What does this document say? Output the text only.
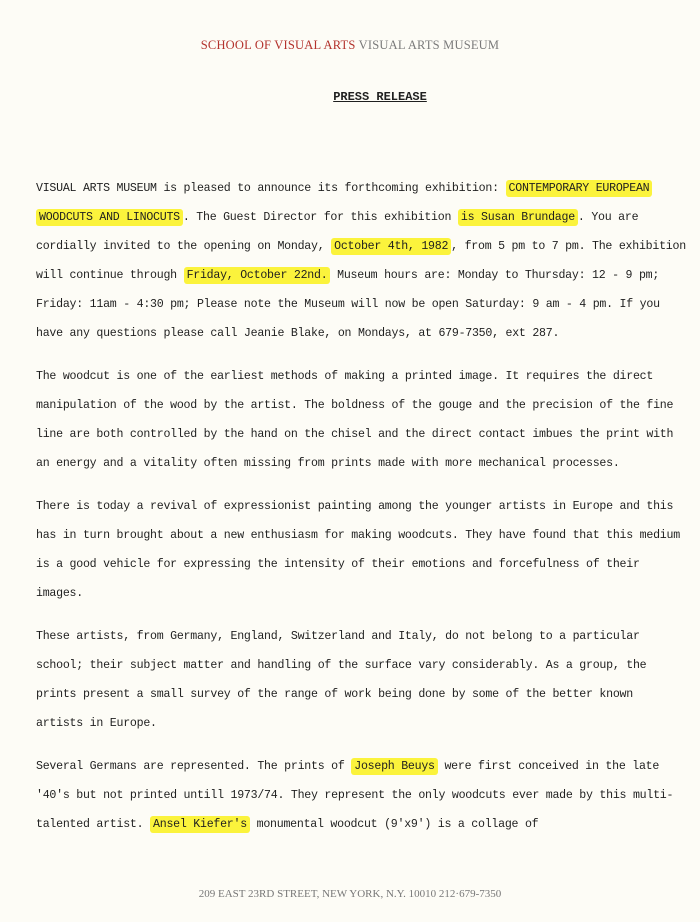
SCHOOL OF VISUAL ARTS VISUAL ARTS MUSEUM
PRESS RELEASE

VISUAL ARTS MUSEUM is pleased to announce its forthcoming exhibition: CONTEMPORARY EUROPEAN WOODCUTS AND LINOCUTS . The Guest Director for this exhibition is Susan Brundage . You are cordially invited to the opening on Monday, October 4th, 1982 , from 5 pm to 7 pm. The exhibition will continue through Friday, October 22nd. Museum hours are: Monday to Thursday: 12 - 9 pm; Friday: 11am - 4:30 pm; Please note the Museum will now be open Saturday: 9 am - 4 pm. If you have any questions please call Jeanie Blake, on Mondays, at 679-7350, ext 287.

The woodcut is one of the earliest methods of making a printed image. It requires the direct manipulation of the wood by the artist. The boldness of the gouge and the precision of the fine line are both controlled by the hand on the chisel and the direct contact imbues the print with an energy and a vitality often missing from prints made with more mechanical processes.

There is today a revival of expressionist painting among the younger artists in Europe and this has in turn brought about a new enthusiasm for making woodcuts. They have found that this medium is a good vehicle for expressing the intensity of their emotions and forcefulness of their images.

These artists, from Germany, England, Switzerland and Italy, do not belong to a particular school; their subject matter and handling of the surface vary considerably. As a group, the prints present a small survey of the range of work being done by some of the better known artists in Europe.

Several Germans are represented. The prints of Joseph Beuys were first conceived in the late '40's but not printed untill 1973/74. They represent the only woodcuts ever made by this multi-talented artist. Ansel Kiefer's monumental woodcut (9'x9') is a collage of

209 EAST 23RD STREET, NEW YORK, N.Y. 10010 212·679-7350
